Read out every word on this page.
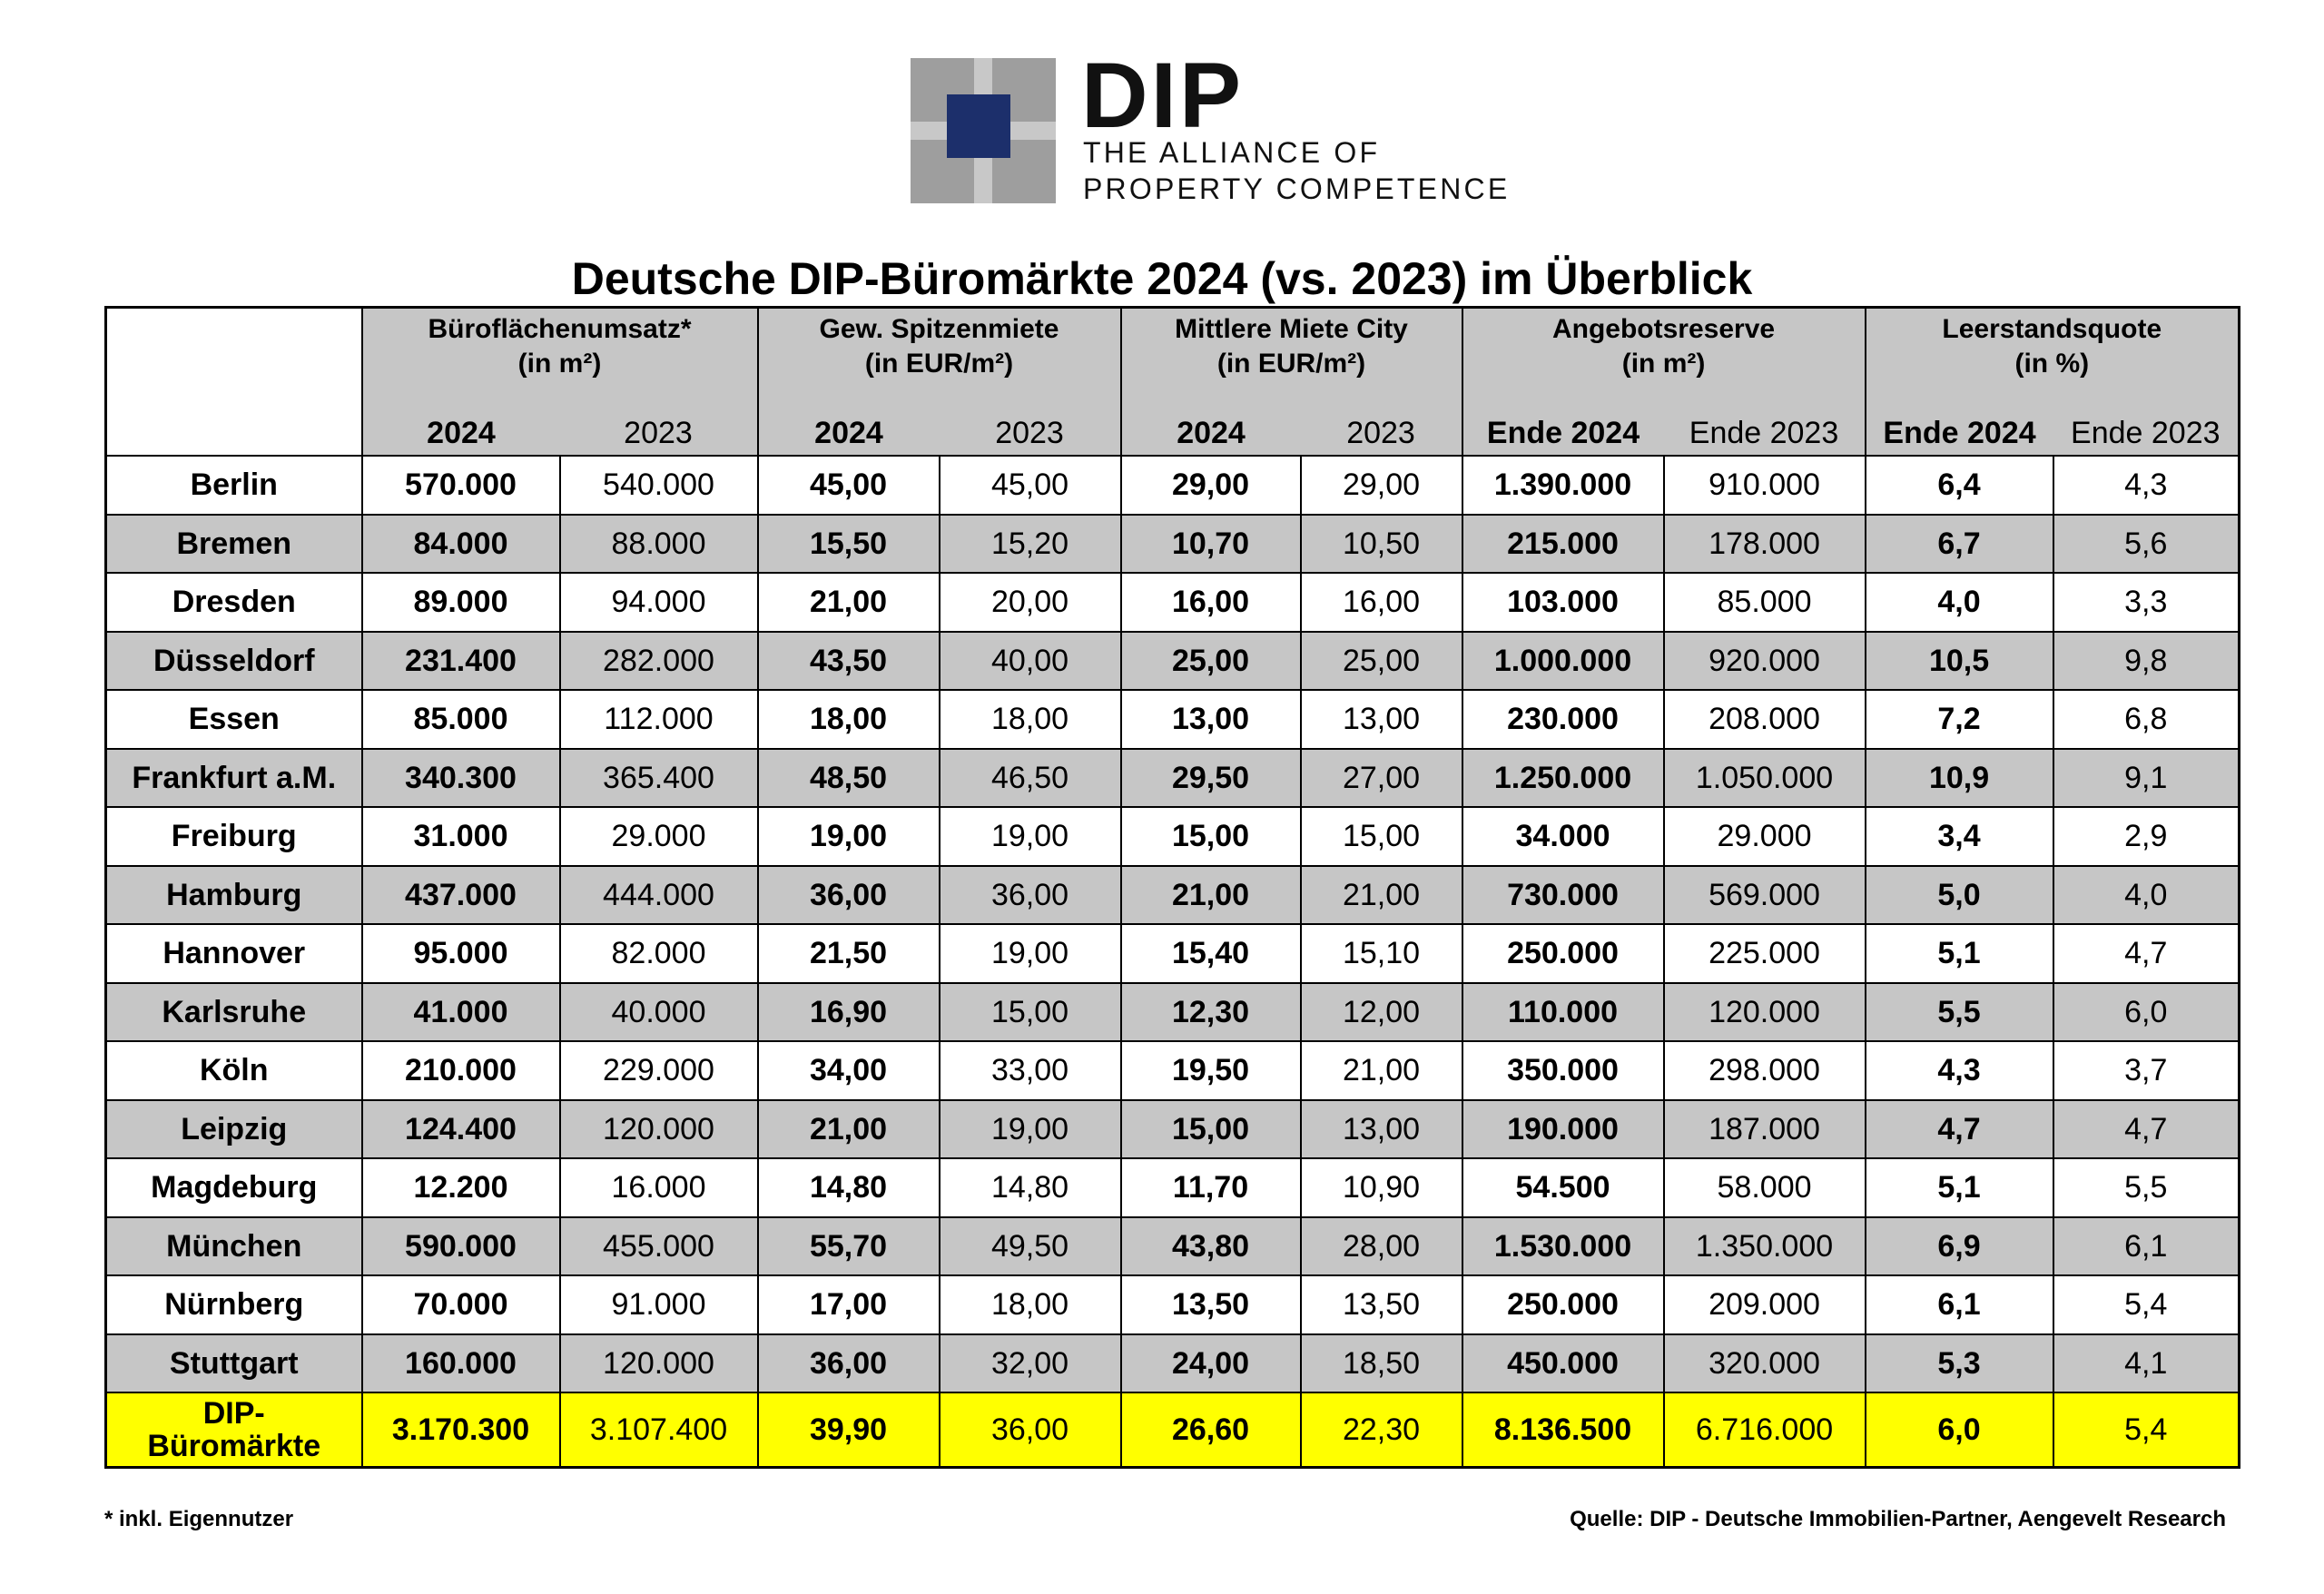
DIP
THE ALLIANCE OF
PROPERTY COMPETENCE
Deutsche DIP-Büromärkte 2024 (vs. 2023) im Überblick
	Büroflächenumsatz*
(in m²)		Gew. Spitzenmiete
(in EUR/m²)		Mittlere Miete City
(in EUR/m²)		Angebotsreserve
(in m²)		Leerstandsquote
(in %)	
	2024	2023	2024	2023	2024	2023	Ende 2024	Ende 2023	Ende 2024	Ende 2023
Berlin	570.000	540.000	45,00	45,00	29,00	29,00	1.390.000	910.000	6,4	4,3
Bremen	84.000	88.000	15,50	15,20	10,70	10,50	215.000	178.000	6,7	5,6
Dresden	89.000	94.000	21,00	20,00	16,00	16,00	103.000	85.000	4,0	3,3
Düsseldorf	231.400	282.000	43,50	40,00	25,00	25,00	1.000.000	920.000	10,5	9,8
Essen	85.000	112.000	18,00	18,00	13,00	13,00	230.000	208.000	7,2	6,8
Frankfurt a.M.	340.300	365.400	48,50	46,50	29,50	27,00	1.250.000	1.050.000	10,9	9,1
Freiburg	31.000	29.000	19,00	19,00	15,00	15,00	34.000	29.000	3,4	2,9
Hamburg	437.000	444.000	36,00	36,00	21,00	21,00	730.000	569.000	5,0	4,0
Hannover	95.000	82.000	21,50	19,00	15,40	15,10	250.000	225.000	5,1	4,7
Karlsruhe	41.000	40.000	16,90	15,00	12,30	12,00	110.000	120.000	5,5	6,0
Köln	210.000	229.000	34,00	33,00	19,50	21,00	350.000	298.000	4,3	3,7
Leipzig	124.400	120.000	21,00	19,00	15,00	13,00	190.000	187.000	4,7	4,7
Magdeburg	12.200	16.000	14,80	14,80	11,70	10,90	54.500	58.000	5,1	5,5
München	590.000	455.000	55,70	49,50	43,80	28,00	1.530.000	1.350.000	6,9	6,1
Nürnberg	70.000	91.000	17,00	18,00	13,50	13,50	250.000	209.000	6,1	5,4
Stuttgart	160.000	120.000	36,00	32,00	24,00	18,50	450.000	320.000	5,3	4,1
DIP-
Büromärkte	3.170.300	3.107.400	39,90	36,00	26,60	22,30	8.136.500	6.716.000	6,0	5,4
* inkl. Eigennutzer	Quelle: DIP - Deutsche Immobilien-Partner, Aengevelt Research
